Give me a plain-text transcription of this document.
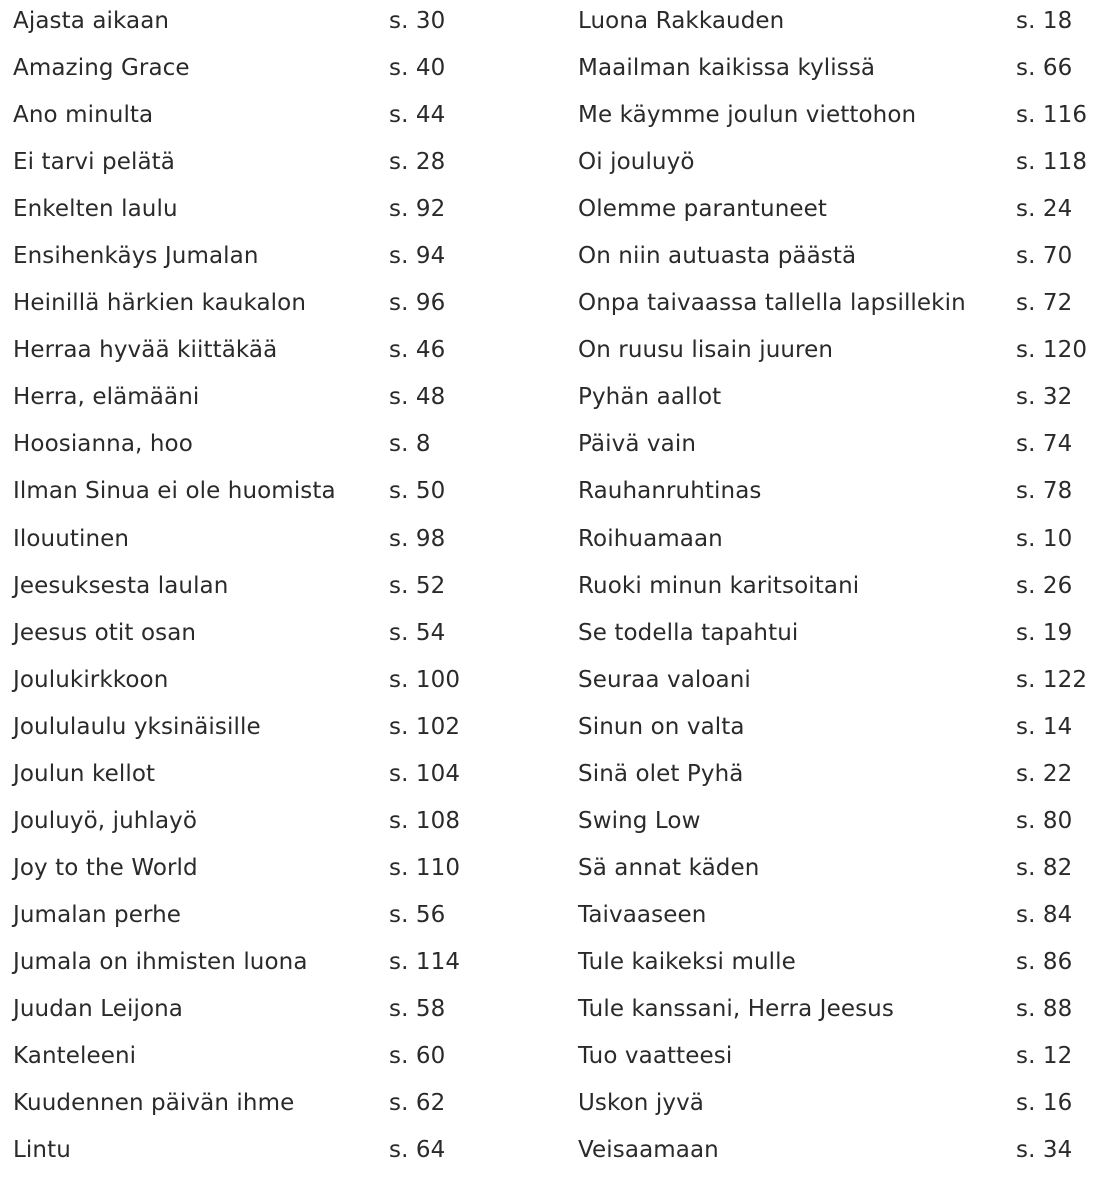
Ajasta aikaan	s. 30
Amazing Grace	s. 40
Ano minulta	s. 44
Ei tarvi pelätä	s. 28
Enkelten laulu	s. 92
Ensihenkäys Jumalan	s. 94
Heinillä härkien kaukalon	s. 96
Herraa hyvää kiittäkää	s. 46
Herra, elämääni	s. 48
Hoosianna, hoo	s. 8
Ilman Sinua ei ole huomista s. 50
Ilouutinen	s. 98
Jeesuksesta laulan	s. 52
Jeesus otit osan	s. 54
Joulukirkkoon	s. 100
Joululaulu yksinäisille	s. 102
Joulun kellot	s. 104
Jouluyö, juhlayö	s. 108
Joy to the World	s. 110
Jumalan perhe	s. 56
Jumala on ihmisten luona	s. 114
Juudan Leijona	s. 58
Kanteleeni	s. 60
Kuudennen päivän ihme	s. 62
Lintu	s. 64
Luona Rakkauden	s. 18
Maailman kaikissa kylissä	s. 66
Me käymme joulun viettohon	s. 116
Oi jouluyö	s. 118
Olemme parantuneet	s. 24
On niin autuasta päästä	s. 70
Onpa taivaassa tallella lapsillekin s. 72
On ruusu lisain juuren	s. 120
Pyhän aallot	s. 32
Päivä vain	s. 74
Rauhanruhtinas	s. 78
Roihuamaan	s. 10
Ruoki minun karitsoitani	s. 26
Se todella tapahtui	s. 19
Seuraa valoani	s. 122
Sinun on valta	s. 14
Sinä olet Pyhä	s. 22
Swing Low	s. 80
Sä annat käden	s. 82
Taivaaseen	s. 84
Tule kaikeksi mulle	s. 86
Tule kanssani, Herra Jeesus	s. 88
Tuo vaatteesi	s. 12
Uskon jyvä	s. 16
Veisaamaan	s. 34
